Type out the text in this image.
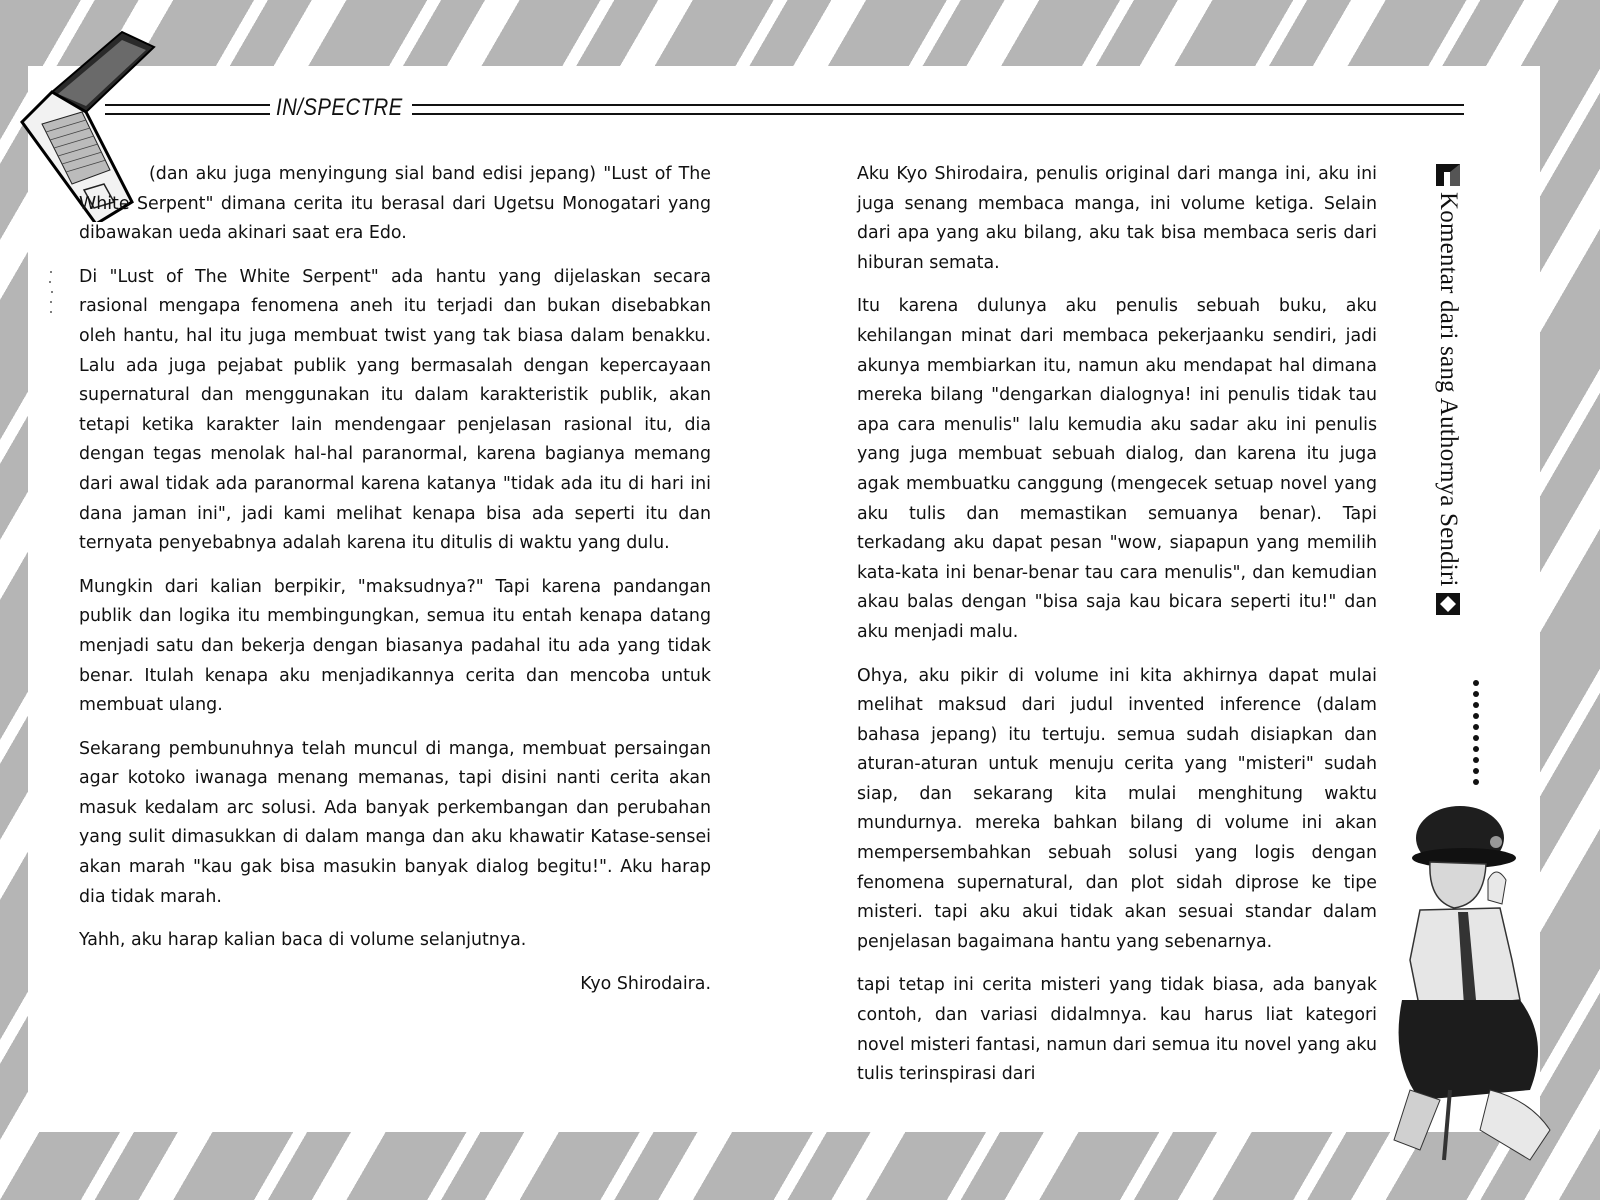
IN/SPECTRE

(dan aku juga menyingung sial band edisi jepang) "Lust of The White Serpent" dimana cerita itu berasal dari Ugetsu Monogatari yang dibawakan ueda akinari saat era Edo.

Di "Lust of The White Serpent" ada hantu yang dijelaskan secara rasional mengapa fenomena aneh itu terjadi dan bukan disebabkan oleh hantu, hal itu juga membuat twist yang tak biasa dalam benakku. Lalu ada juga pejabat publik yang bermasalah dengan kepercayaan supernatural dan menggunakan itu dalam karakteristik publik, akan tetapi ketika karakter lain mendengaar penjelasan rasional itu, dia dengan tegas menolak hal-hal paranormal, karena bagianya memang dari awal tidak ada paranormal karena katanya "tidak ada itu di hari ini dana jaman ini", jadi kami melihat kenapa bisa ada seperti itu dan ternyata penyebabnya adalah karena itu ditulis di waktu yang dulu.

Mungkin dari kalian berpikir, "maksudnya?" Tapi karena pandangan publik dan logika itu membingungkan, semua itu entah kenapa datang menjadi satu dan bekerja dengan biasanya padahal itu ada yang tidak benar. Itulah kenapa aku menjadikannya cerita dan mencoba untuk membuat ulang.

Sekarang pembunuhnya telah muncul di manga, membuat persaingan agar kotoko iwanaga menang memanas, tapi disini nanti cerita akan masuk kedalam arc solusi. Ada banyak perkembangan dan perubahan yang sulit dimasukkan di dalam manga dan aku khawatir Katase-sensei akan marah "kau gak bisa masukin banyak dialog begitu!". Aku harap dia tidak marah.

Yahh, aku harap kalian baca di volume selanjutnya.

Kyo Shirodaira.

Aku Kyo Shirodaira, penulis original dari manga ini, aku ini juga senang membaca manga, ini volume ketiga. Selain dari apa yang aku bilang, aku tak bisa membaca seris dari hiburan semata.

Itu karena dulunya aku penulis sebuah buku, aku kehilangan minat dari membaca pekerjaanku sendiri, jadi akunya membiarkan itu, namun aku mendapat hal dimana mereka bilang "dengarkan dialognya! ini penulis tidak tau apa cara menulis" lalu kemudia aku sadar aku ini penulis yang juga membuat sebuah dialog, dan karena itu juga agak membuatku canggung (mengecek setuap novel yang aku tulis dan memastikan semuanya benar). Tapi terkadang aku dapat pesan "wow, siapapun yang memilih kata-kata ini benar-benar tau cara menulis", dan kemudian akau balas dengan "bisa saja kau bicara seperti itu!" dan aku menjadi malu.

Ohya, aku pikir di volume ini kita akhirnya dapat mulai melihat maksud dari judul invented inference (dalam bahasa jepang) itu tertuju. semua sudah disiapkan dan aturan-aturan untuk menuju cerita yang "misteri" sudah siap, dan sekarang kita mulai menghitung waktu mundurnya. mereka bahkan bilang di volume ini akan mempersembahkan sebuah solusi yang logis dengan fenomena supernatural, dan plot sidah diprose ke tipe misteri. tapi aku akui tidak akan sesuai standar dalam penjelasan bagaimana hantu yang sebenarnya.

tapi tetap ini cerita misteri yang tidak biasa, ada banyak contoh, dan variasi didalmnya. kau harus liat kategori novel misteri fantasi, namun dari semua itu novel yang aku tulis terinspirasi dari

Komentar dari sang Authornya Sendiri
